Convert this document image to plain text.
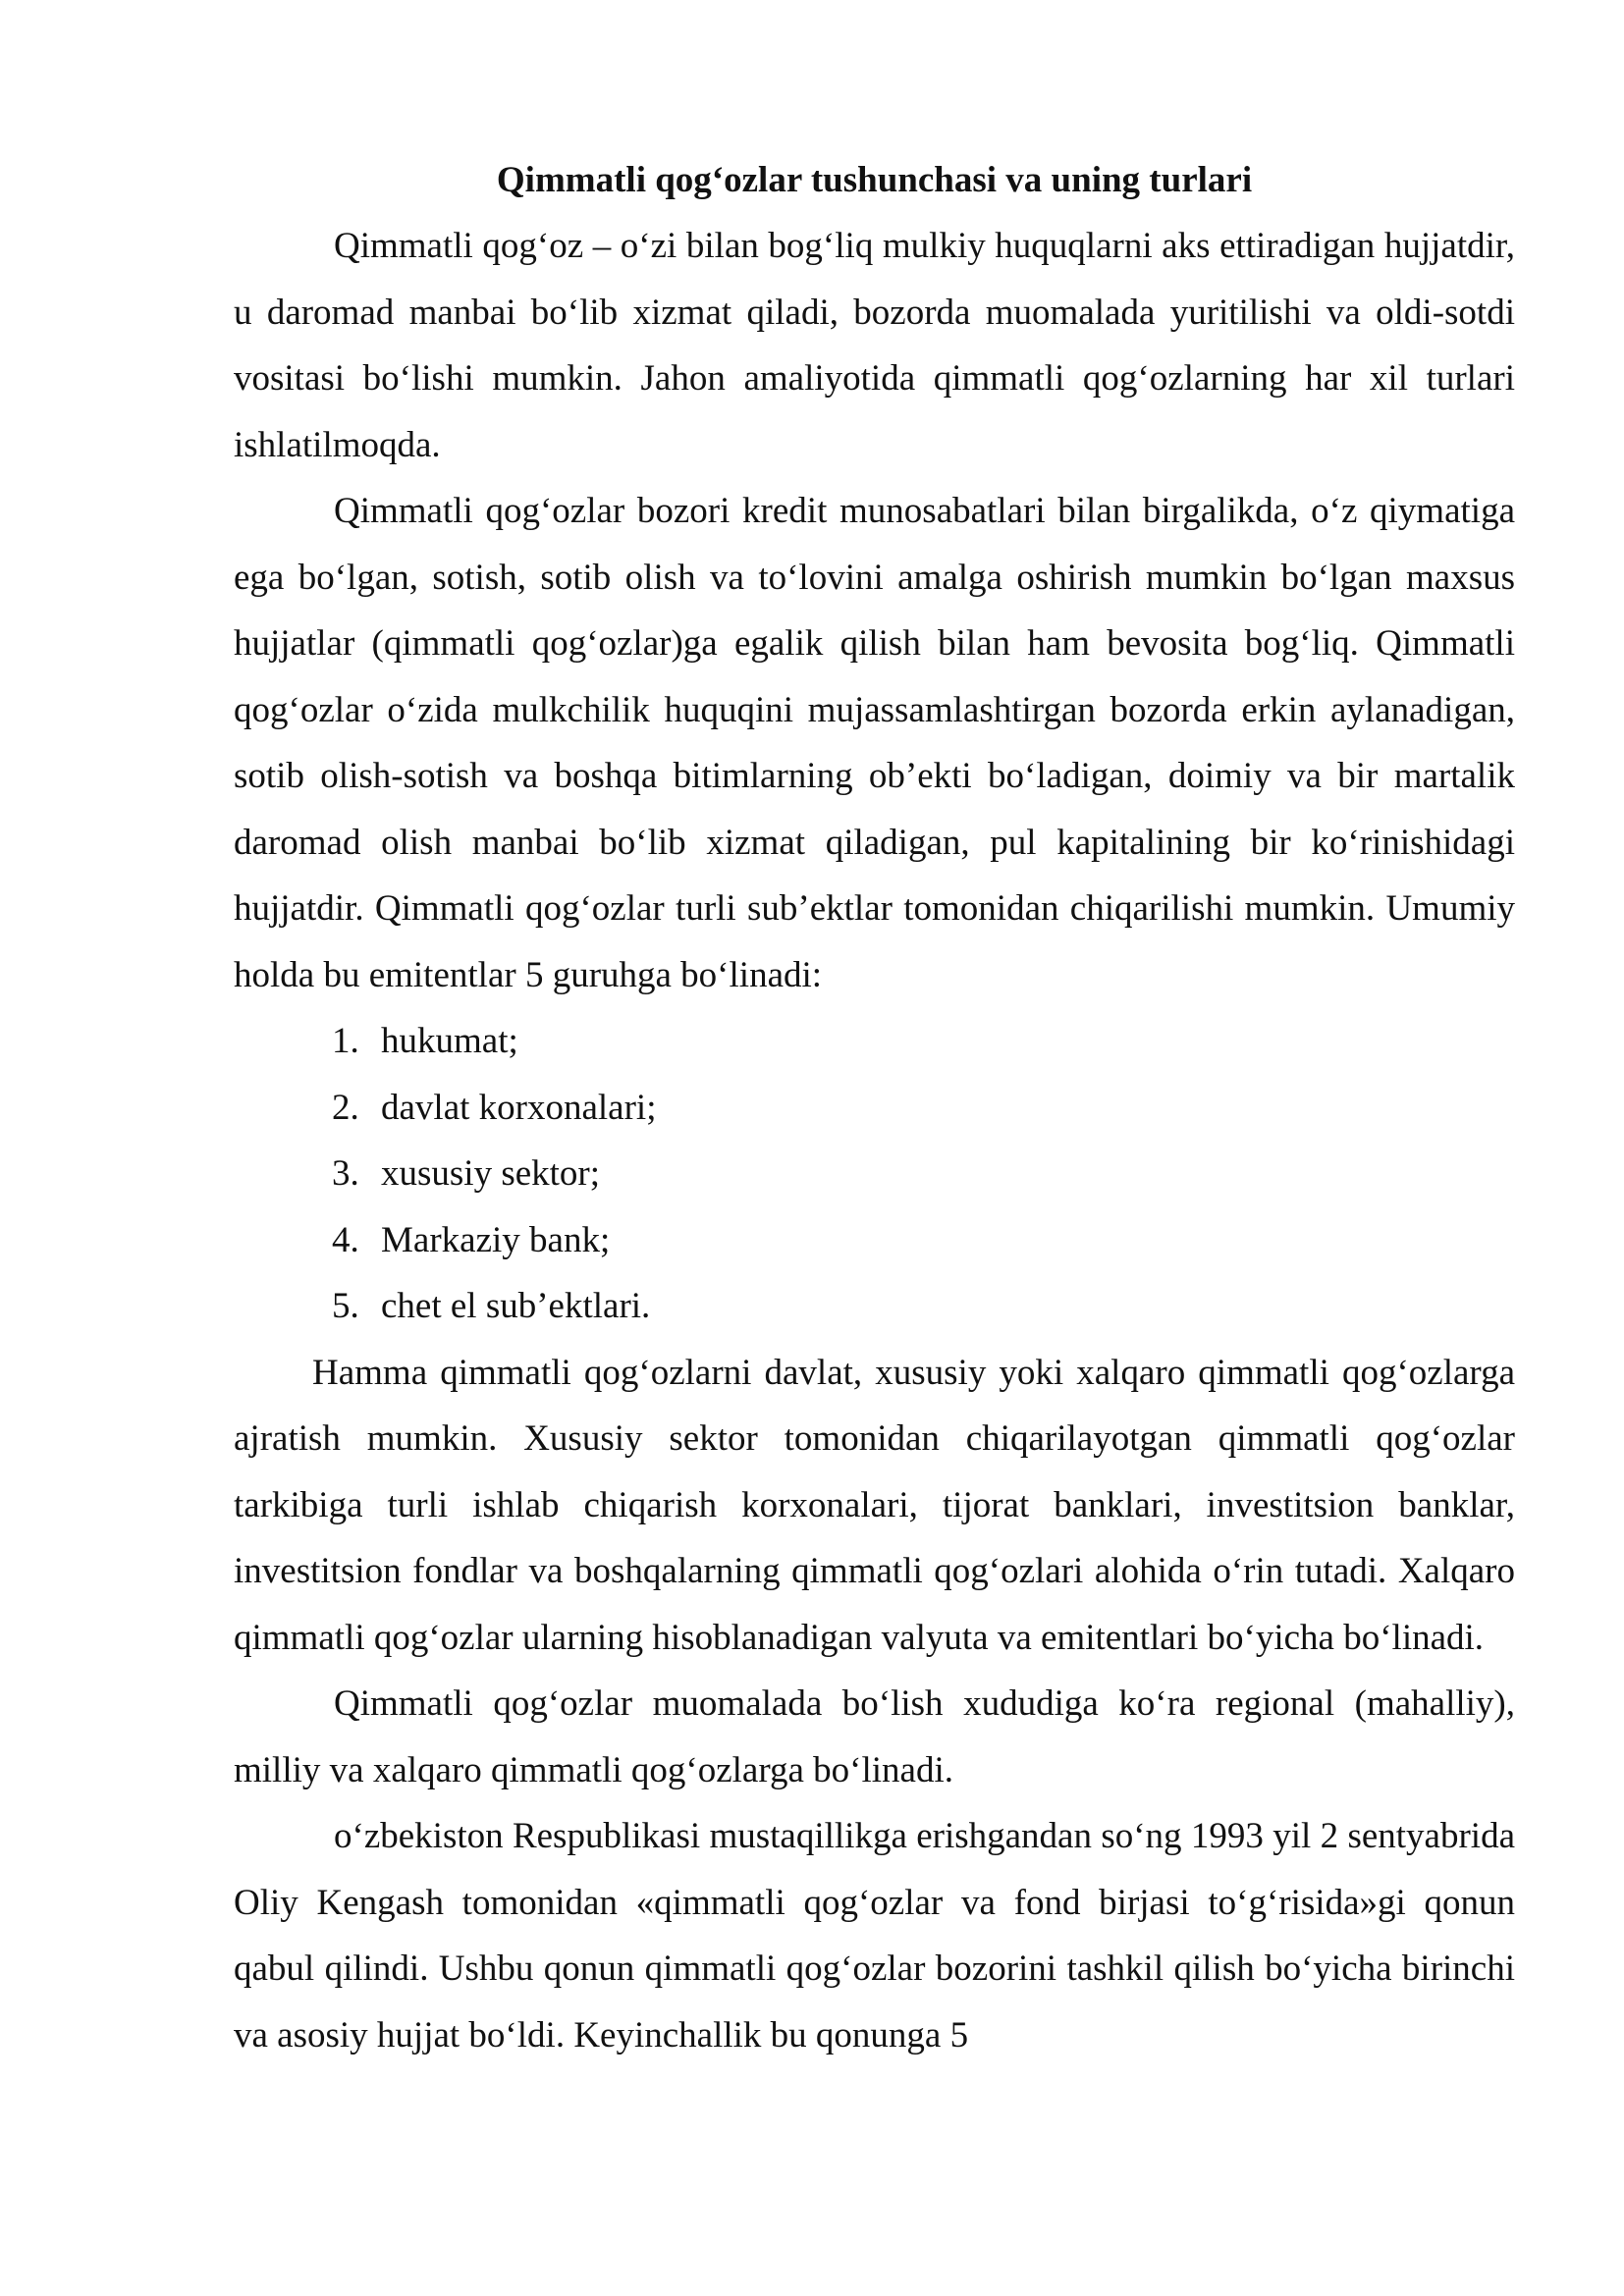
Qimmatli qog‘ozlar tushunchasi va uning turlari

Qimmatli qog‘oz – o‘zi bilan bog‘liq mulkiy huquqlarni aks ettiradigan hujjatdir, u daromad manbai bo‘lib xizmat qiladi, bozorda muomalada yuritilishi va oldi-sotdi vositasi bo‘lishi mumkin. Jahon amaliyotida qimmatli qog‘ozlarning har xil turlari ishlatilmoqda.

Qimmatli qog‘ozlar bozori kredit munosabatlari bilan birgalikda, o‘z qiymatiga ega bo‘lgan, sotish, sotib olish va to‘lovini amalga oshirish mumkin bo‘lgan maxsus hujjatlar (qimmatli qog‘ozlar)ga egalik qilish bilan ham bevosita bog‘liq. Qimmatli qog‘ozlar o‘zida mulkchilik huquqini mujassamlashtirgan bozorda erkin aylanadigan, sotib olish-sotish va boshqa bitimlarning ob’ekti bo‘ladigan, doimiy va bir martalik daromad olish manbai bo‘lib xizmat qiladigan, pul kapitalining bir ko‘rinishidagi hujjatdir. Qimmatli qog‘ozlar turli sub’ektlar tomonidan chiqarilishi mumkin. Umumiy holda bu emitentlar 5 guruhga bo‘linadi:

1. hukumat;
2. davlat korxonalari;
3. xususiy sektor;
4. Markaziy bank;
5. chet el sub’ektlari.

Hamma qimmatli qog‘ozlarni davlat, xususiy yoki xalqaro qimmatli qog‘ozlarga ajratish mumkin. Xususiy sektor tomonidan chiqarilayotgan qimmatli qog‘ozlar tarkibiga turli ishlab chiqarish korxonalari, tijorat banklari, investitsion banklar, investitsion fondlar va boshqalarning qimmatli qog‘ozlari alohida o‘rin tutadi. Xalqaro qimmatli qog‘ozlar ularning hisoblanadigan valyuta va emitentlari bo‘yicha bo‘linadi.

Qimmatli qog‘ozlar muomalada bo‘lish xududiga ko‘ra regional (mahalliy), milliy va xalqaro qimmatli qog‘ozlarga bo‘linadi.

o‘zbekiston Respublikasi mustaqillikga erishgandan so‘ng 1993 yil 2 sentyabrida Oliy Kengash tomonidan «qimmatli qog‘ozlar va fond birjasi to‘g‘risida»gi qonun qabul qilindi. Ushbu qonun qimmatli qog‘ozlar bozorini tashkil qilish bo‘yicha birinchi va asosiy hujjat bo‘ldi. Keyinchallik bu qonunga 5
